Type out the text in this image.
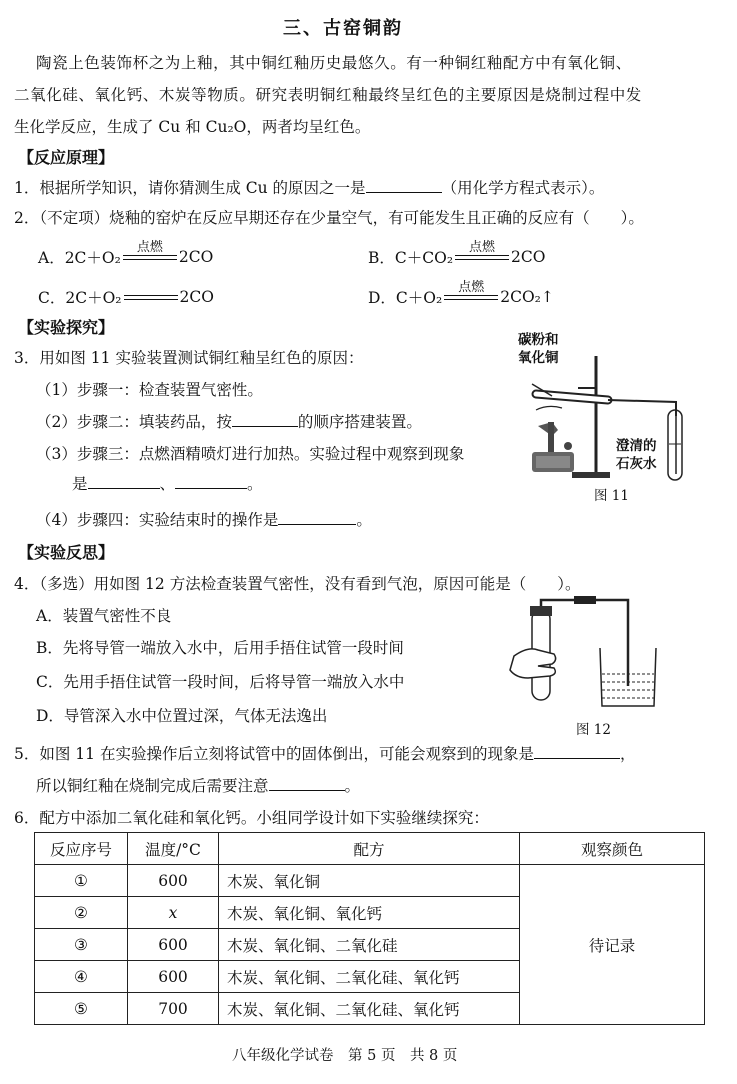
三、古窑铜韵
陶瓷上色装饰杯之为上釉，其中铜红釉历史最悠久。有一种铜红釉配方中有氧化铜、
二氧化硅、氧化钙、木炭等物质。研究表明铜红釉最终呈红色的主要原因是烧制过程中发
生化学反应，生成了 Cu 和 Cu₂O，两者均呈红色。
【反应原理】
1．根据所学知识，请你猜测生成 Cu 的原因之一是	（用化学方程式表示）。
2．（不定项）烧釉的窑炉在反应早期还存在少量空气，有可能发生且正确的反应有（　　）。
A．2C＋O₂
点燃
2CO	B．C＋CO₂
点燃
2CO
C．2C＋O₂	2CO	D．C＋O₂
点燃
2CO₂↑
【实验探究】
3．用如图 11 实验装置测试铜红釉呈红色的原因：
（1）步骤一：检查装置气密性。
（2）步骤二：填装药品，按	的顺序搭建装置。
（3）步骤三：点燃酒精喷灯进行加热。实验过程中观察到现象
是	、	。
（4）步骤四：实验结束时的操作是	。
碳粉和
氧化铜
澄清的
石灰水
图 11
【实验反思】
4．（多选）用如图 12 方法检查装置气密性，没有看到气泡，原因可能是（　　）。
A．装置气密性不良
B．先将导管一端放入水中，后用手捂住试管一段时间
C．先用手捂住试管一段时间，后将导管一端放入水中
D．导管深入水中位置过深，气体无法逸出
图 12
5．如图 11 在实验操作后立刻将试管中的固体倒出，可能会观察到的现象是	，
所以铜红釉在烧制完成后需要注意	。
6．配方中添加二氧化硅和氧化钙。小组同学设计如下实验继续探究：
反应序号	温度/°C	配方	观察颜色
①	600	木炭、氧化铜	待记录
②	x	木炭、氧化铜、氧化钙	
③	600	木炭、氧化铜、二氧化硅	
④	600	木炭、氧化铜、二氧化硅、氧化钙	
⑤	700	木炭、氧化铜、二氧化硅、氧化钙	
八年级化学试卷　第 5 页　共 8 页
